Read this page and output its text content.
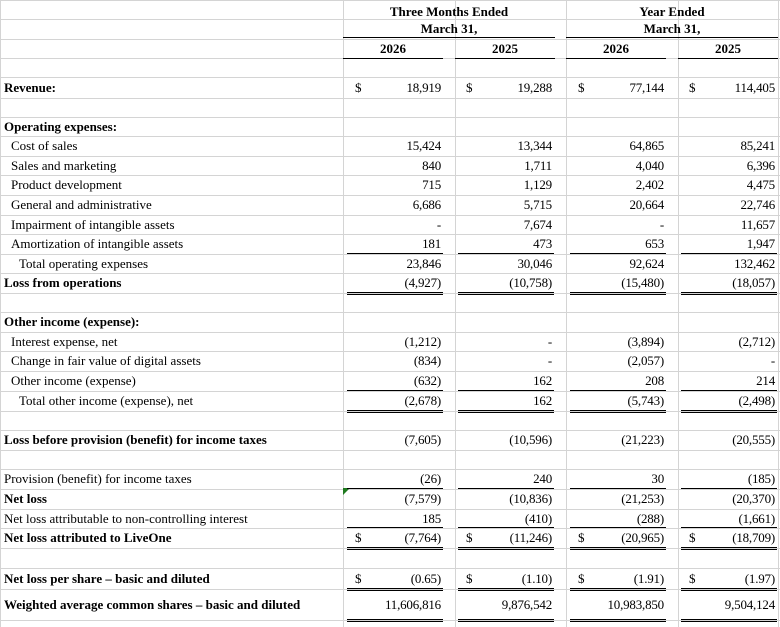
Three Months Ended
March 31,
Year Ended
March 31,
2026	2025	2026	2025
Revenue:	$	18,919 $	19,288 $	77,144 $	114,405
Operating expenses:
Cost of sales	15,424	13,344	64,865	85,241
Sales and marketing	840	1,711	4,040	6,396
Product development	715	1,129	2,402	4,475
General and administrative	6,686	5,715	20,664	22,746
Impairment of intangible assets	-	7,674	-	11,657
Amortization of intangible assets	181	473	653	1,947
Total operating expenses	23,846	30,046	92,624	132,462
Loss from operations	(4,927)	(10,758)	(15,480)	(18,057)
Other income (expense):
Interest expense, net	(1,212)	-	(3,894)	(2,712)
Change in fair value of digital assets	(834)	-	(2,057)	-
Other income (expense)	(632)	162	208	214
Total other income (expense), net	(2,678)	162	(5,743)	(2,498)
Loss before provision (benefit) for income taxes	(7,605)	(10,596)	(21,223)	(20,555)
Provision (benefit) for income taxes	(26)	240	30	(185)
Net loss	(7,579)	(10,836)	(21,253)	(20,370)
Net loss attributable to non-controlling interest	185	(410)	(288)	(1,661)
Net loss attributed to LiveOne	$	(7,764) $	(11,246) $	(20,965) $	(18,709)
Net loss per share – basic and diluted	$	(0.65) $	(1.10) $	(1.91) $	(1.97)
Weighted average common shares – basic and diluted	11,606,816	9,876,542	10,983,850	9,504,124
